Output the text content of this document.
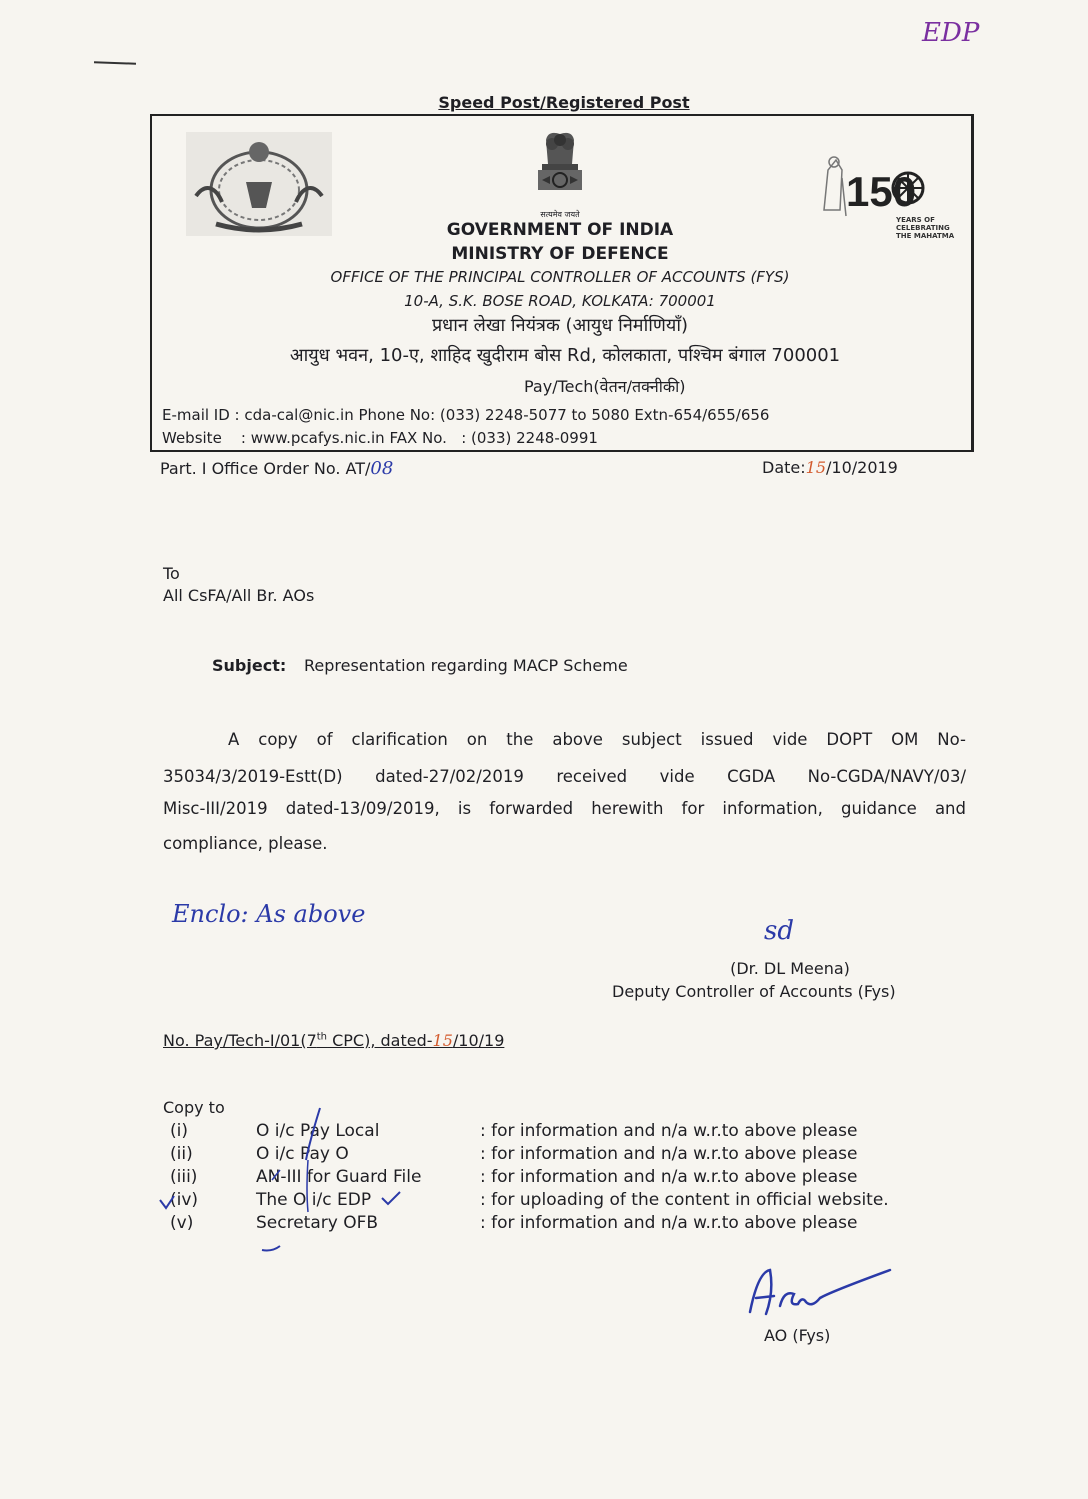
EDP
Speed Post/Registered Post
सत्यमेव जयते	150
YEARS OF
CELEBRATING
THE MAHATMA
GOVERNMENT OF INDIA
MINISTRY OF DEFENCE
OFFICE OF THE PRINCIPAL CONTROLLER OF ACCOUNTS (FYS)
10-A, S.K. BOSE ROAD, KOLKATA: 700001
प्रधान लेखा नियंत्रक (आयुध निर्माणियाँ)
आयुध भवन, 10-ए, शाहिद खुदीराम बोस Rd, कोलकाता, पश्चिम बंगाल 700001
Pay/Tech(वेतन/तक्नीकी)
E-mail ID : cda-cal@nic.in Phone No: (033) 2248-5077 to 5080 Extn-654/655/656
Website    : www.pcafys.nic.in FAX No.   : (033) 2248-0991
Part. I Office Order No. AT/08	Date:15/10/2019
To
All CsFA/All Br. AOs
Subject: Representation regarding MACP Scheme
A copy of clarification on the above subject issued vide DOPT OM No-
35034/3/2019-Estt(D) dated-27/02/2019 received vide CGDA No-CGDA/NAVY/03/
Misc-III/2019 dated-13/09/2019, is forwarded herewith for information, guidance and
compliance, please.
Enclo: As above
sd
(Dr. DL Meena)
Deputy Controller of Accounts (Fys)
No. Pay/Tech-I/01(7th CPC), dated-15/10/19
Copy to
(i)	O i/c Pay Local	: for information and n/a w.r.to above please
(ii)	O i/c Pay O	: for information and n/a w.r.to above please
(iii)	AN-III for Guard File	: for information and n/a w.r.to above please
(iv)	The O i/c EDP	: for uploading of the content in official website.
(v)	Secretary OFB	: for information and n/a w.r.to above please
AO (Fys)
